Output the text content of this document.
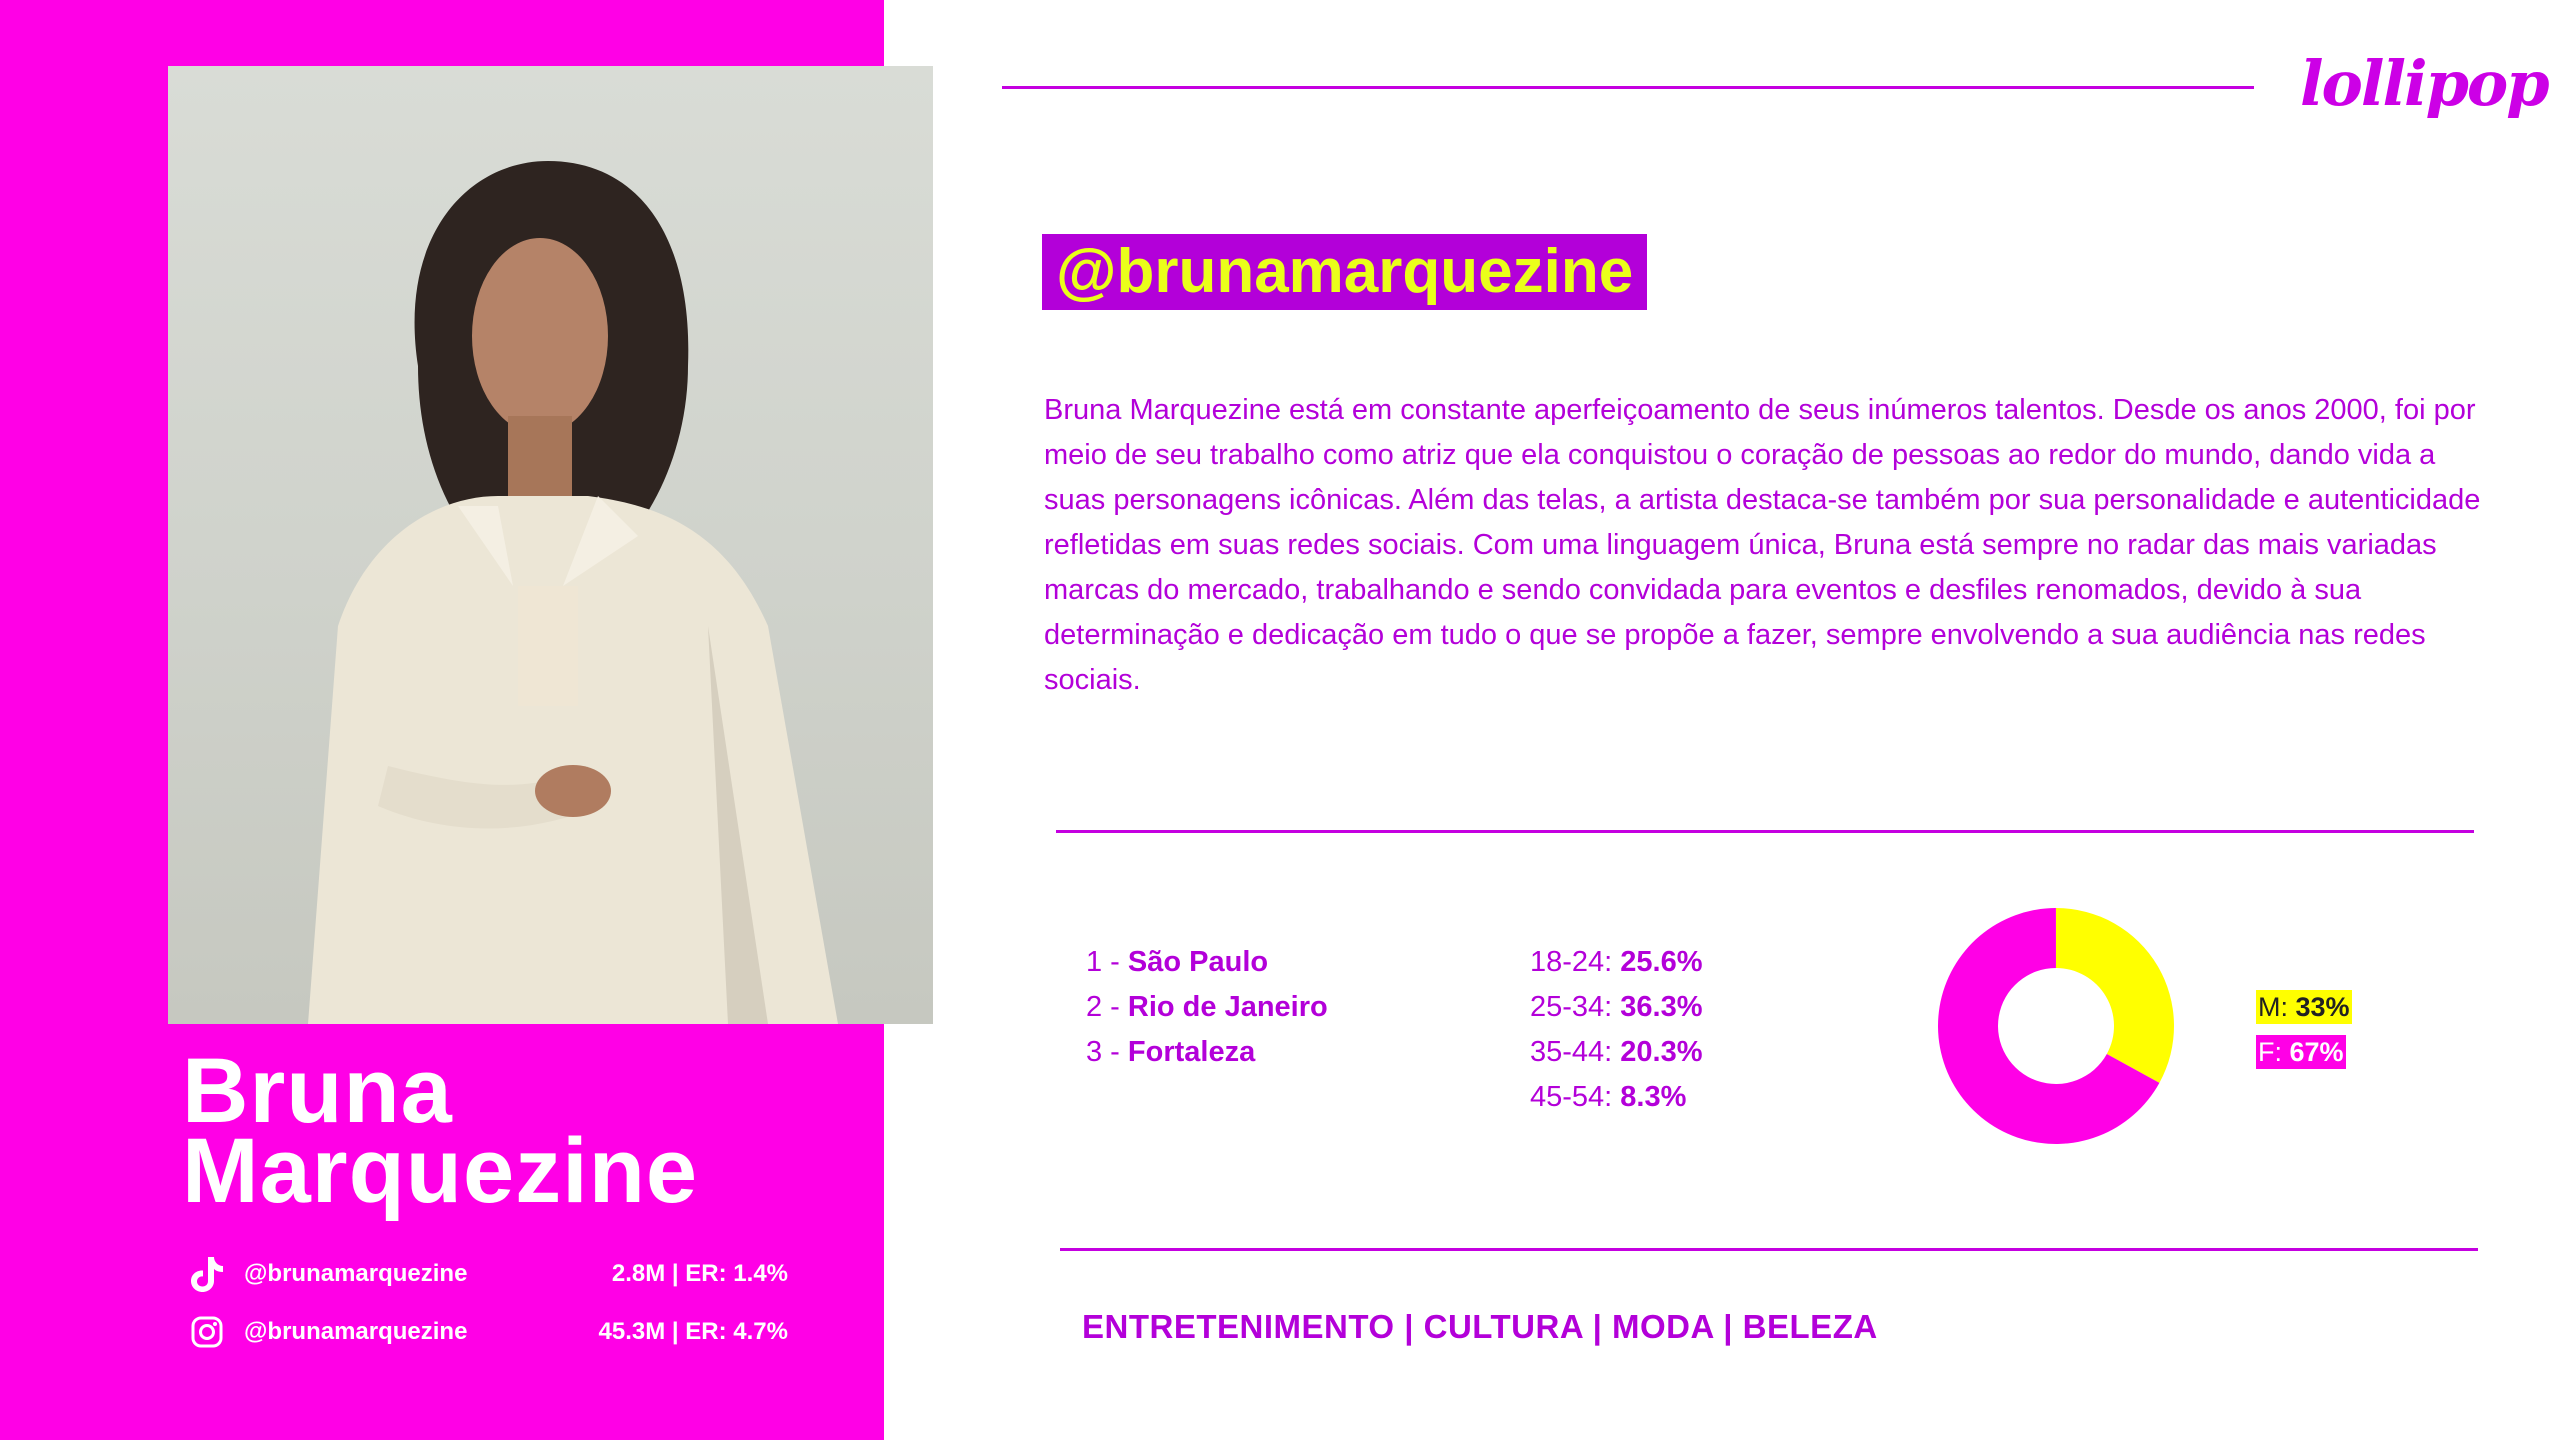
Bruna
Marquezine
@brunamarquezine	2.8M | ER: 1.4%
@brunamarquezine	45.3M | ER: 4.7%
lollipop
@bruna​marquezine
Bruna Marquezine está em constante aperfeiçoamento de seus inúmeros talentos. Desde os anos 2000, foi por meio de seu trabalho como atriz que ela conquistou o coração de pessoas ao redor do mundo, dando vida a suas personagens icônicas. Além das telas, a artista destaca-se também por sua personalidade e autenticidade refletidas em suas redes sociais. Com uma linguagem única, Bruna está sempre no radar das mais variadas marcas do mercado, trabalhando e sendo convidada para eventos e desfiles renomados, devido à sua determinação e dedicação em tudo o que se propõe a fazer, sempre envolvendo a sua audiência nas redes sociais.
1 - São Paulo
2 - Rio de Janeiro
3 - Fortaleza
18-24: 25.6%
25-34: 36.3%
35-44: 20.3%
45-54: 8.3%
M: 33%
F: 67%
ENTRETENIMENTO | CULTURA | MODA | BELEZA
